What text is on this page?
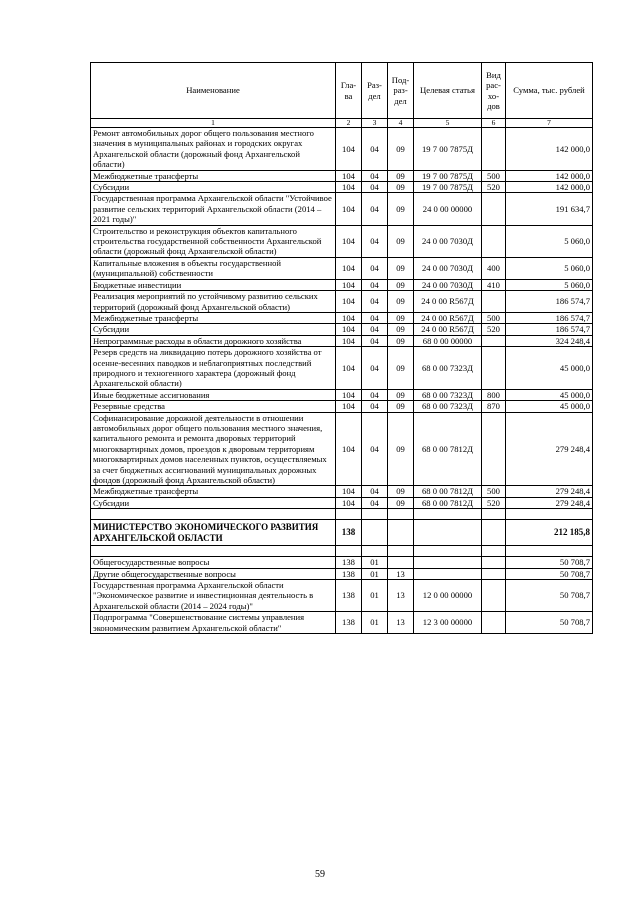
Наименование	Гла-ва	Раз-дел	Под-раз-дел	Целевая статья	Вид рас-хо-дов	Сумма, тыс. рублей
1	2	3	4	5	6	7
Ремонт автомобильных дорог общего пользования местного значения в муниципальных районах и городских округах Архангельской области (дорожный фонд Архангельской области)	104	04	09	19 7 00 7875Д		142 000,0
Межбюджетные трансферты	104	04	09	19 7 00 7875Д	500	142 000,0
Субсидии	104	04	09	19 7 00 7875Д	520	142 000,0
Государственная программа Архангельской области "Устойчивое развитие сельских территорий Архангельской области (2014 – 2021 годы)"	104	04	09	24 0 00 00000		191 634,7
Строительство и реконструкция объектов капитального строительства государственной собственности Архангельской области (дорожный фонд Архангельской области)	104	04	09	24 0 00 7030Д		5 060,0
Капитальные вложения в объекты государственной (муниципальной) собственности	104	04	09	24 0 00 7030Д	400	5 060,0
Бюджетные инвестиции	104	04	09	24 0 00 7030Д	410	5 060,0
Реализация мероприятий по устойчивому развитию сельских территорий (дорожный фонд Архангельской области)	104	04	09	24 0 00 R567Д		186 574,7
Межбюджетные трансферты	104	04	09	24 0 00 R567Д	500	186 574,7
Субсидии	104	04	09	24 0 00 R567Д	520	186 574,7
Непрограммные расходы в области дорожного хозяйства	104	04	09	68 0 00 00000		324 248,4
Резерв средств на ликвидацию потерь дорожного хозяйства от осенне-весенних паводков и неблагоприятных последствий природного и техногенного характера (дорожный фонд Архангельской области)	104	04	09	68 0 00 7323Д		45 000,0
Иные бюджетные ассигнования	104	04	09	68 0 00 7323Д	800	45 000,0
Резервные средства	104	04	09	68 0 00 7323Д	870	45 000,0
Софинансирование дорожной деятельности в отношении автомобильных дорог общего пользования местного значения, капитального ремонта и ремонта дворовых территорий многоквартирных домов, проездов к дворовым территориям многоквартирных домов населенных пунктов, осуществляемых за счет бюджетных ассигнований муниципальных дорожных фондов (дорожный фонд Архангельской области)	104	04	09	68 0 00 7812Д		279 248,4
Межбюджетные трансферты	104	04	09	68 0 00 7812Д	500	279 248,4
Субсидии	104	04	09	68 0 00 7812Д	520	279 248,4

МИНИСТЕРСТВО ЭКОНОМИЧЕСКОГО РАЗВИТИЯ АРХАНГЕЛЬСКОЙ ОБЛАСТИ	138					212 185,8

Общегосударственные вопросы	138	01				50 708,7
Другие общегосударственные вопросы	138	01	13			50 708,7
Государственная программа Архангельской области "Экономическое развитие и инвестиционная деятельность в Архангельской области (2014 – 2024 годы)"	138	01	13	12 0 00 00000		50 708,7
Подпрограмма "Совершенствование системы управления экономическим развитием Архангельской области"	138	01	13	12 3 00 00000		50 708,7
59
